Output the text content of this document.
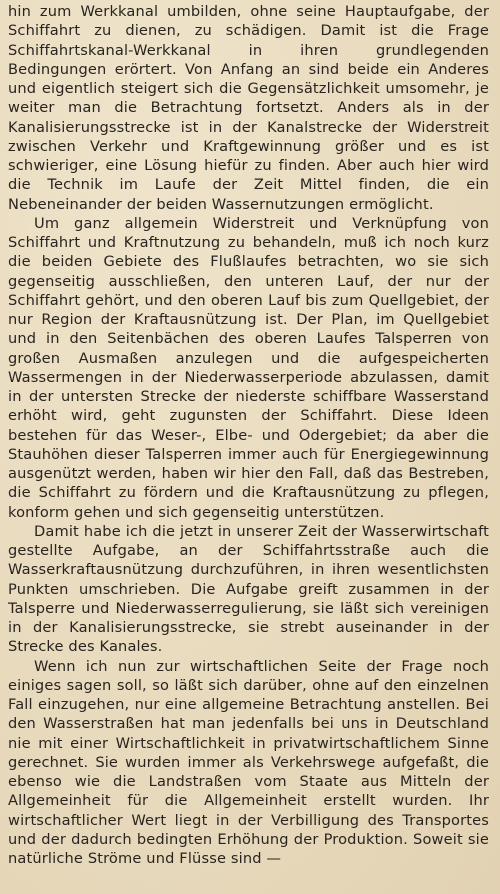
hin zum Werkkanal umbilden, ohne seine Hauptaufgabe, der Schiffahrt zu dienen, zu schädigen. Damit ist die Frage Schiffahrtskanal-Werkkanal in ihren grundlegenden Bedingungen erörtert. Von Anfang an sind beide ein Anderes und eigentlich steigert sich die Gegensätzlichkeit umsomehr, je weiter man die Betrachtung fortsetzt. Anders als in der Kanalisierungsstrecke ist in der Kanalstrecke der Widerstreit zwischen Verkehr und Kraftgewinnung größer und es ist schwieriger, eine Lösung hiefür zu finden. Aber auch hier wird die Technik im Laufe der Zeit Mittel finden, die ein Nebeneinander der beiden Wassernutzungen ermöglicht.

Um ganz allgemein Widerstreit und Verknüpfung von Schiffahrt und Kraftnutzung zu behandeln, muß ich noch kurz die beiden Gebiete des Flußlaufes betrachten, wo sie sich gegenseitig ausschließen, den unteren Lauf, der nur der Schiffahrt gehört, und den oberen Lauf bis zum Quellgebiet, der nur Region der Kraftausnützung ist. Der Plan, im Quellgebiet und in den Seitenbächen des oberen Laufes Talsperren von großen Ausmaßen anzulegen und die aufgespeicherten Wassermengen in der Niederwasserperiode abzulassen, damit in der untersten Strecke der niederste schiffbare Wasserstand erhöht wird, geht zugunsten der Schiffahrt. Diese Ideen bestehen für das Weser-, Elbe- und Odergebiet; da aber die Stauhöhen dieser Talsperren immer auch für Energiegewinnung ausgenützt werden, haben wir hier den Fall, daß das Bestreben, die Schiffahrt zu fördern und die Kraftausnützung zu pflegen, konform gehen und sich gegenseitig unterstützen.

Damit habe ich die jetzt in unserer Zeit der Wasserwirtschaft gestellte Aufgabe, an der Schiffahrtsstraße auch die Wasserkraftausnützung durchzuführen, in ihren wesentlichsten Punkten umschrieben. Die Aufgabe greift zusammen in der Talsperre und Niederwasserregulierung, sie läßt sich vereinigen in der Kanalisierungsstrecke, sie strebt auseinander in der Strecke des Kanales.

Wenn ich nun zur wirtschaftlichen Seite der Frage noch einiges sagen soll, so läßt sich darüber, ohne auf den einzelnen Fall einzugehen, nur eine allgemeine Betrachtung anstellen. Bei den Wasserstraßen hat man jedenfalls bei uns in Deutschland nie mit einer Wirtschaftlichkeit in privatwirtschaftlichem Sinne gerechnet. Sie wurden immer als Verkehrswege aufgefaßt, die ebenso wie die Landstraßen vom Staate aus Mitteln der Allgemeinheit für die Allgemeinheit erstellt wurden. Ihr wirtschaftlicher Wert liegt in der Verbilligung des Transportes und der dadurch bedingten Erhöhung der Produktion. Soweit sie natürliche Ströme und Flüsse sind —
